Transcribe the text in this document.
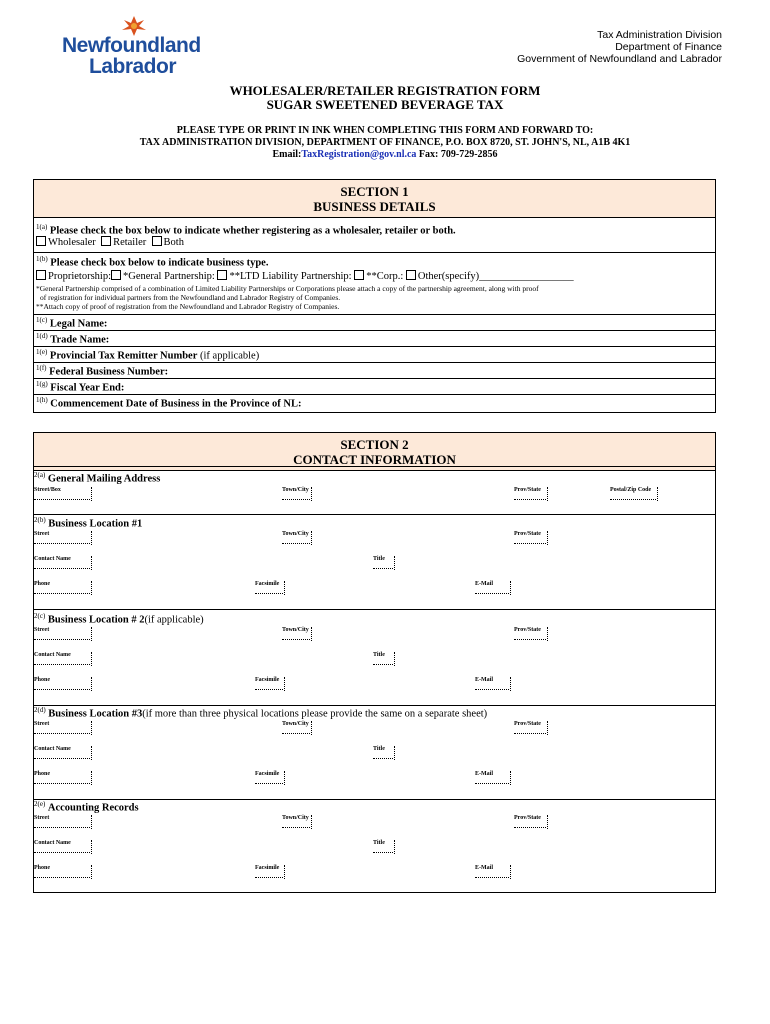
Newfoundland
Labrador
Tax Administration Division
Department of Finance
Government of Newfoundland and Labrador
WHOLESALER/RETAILER REGISTRATION FORM
SUGAR SWEETENED BEVERAGE TAX
PLEASE TYPE OR PRINT IN INK WHEN COMPLETING THIS FORM AND FORWARD TO:
TAX ADMINISTRATION DIVISION, DEPARTMENT OF FINANCE, P.O. BOX 8720, ST. JOHN'S, NL, A1B 4K1
Email:TaxRegistration@gov.nl.ca Fax: 709-729-2856
SECTION 1
BUSINESS DETAILS
$^{1(a)}$ Please check the box below to indicate whether registering as a wholesaler, retailer or both.
Wholesaler Retailer Both
$^{1(b)}$ Please check box below to indicate business type.
Proprietorship: *General Partnership: **LTD Liability Partnership: **Corp.: Other(specify)__________________
*General Partnership comprised of a combination of Limited Liability Partnerships or Corporations please attach a copy of the partnership agreement, along with proof
of registration for individual partners from the Newfoundland and Labrador Registry of Companies.
**Attach copy of proof of registration from the Newfoundland and Labrador Registry of Companies.
$^{1(c)}$ Legal Name:
$^{1(d)}$ Trade Name:
$^{1(e)}$ Provincial Tax Remitter Number (if applicable)
$^{1(f)}$ Federal Business Number:
$^{1(g)}$ Fiscal Year End:
$^{1(h)}$ Commencement Date of Business in the Province of NL:
SECTION 2
CONTACT INFORMATION
$^{2(a)}$ General Mailing Address
Street/Box	Town/City	Prov/State	Postal/Zip Code
$^{2(b)}$ Business Location #1
Street	Town/City	Prov/State
Contact Name	Title
Phone	Facsimile	E-Mail
$^{2(c)}$ Business Location # 2(if applicable)
Street	Town/City	Prov/State
Contact Name	Title
Phone	Facsimile	E-Mail
$^{2(d)}$ Business Location #3(if more than three physical locations please provide the same on a separate sheet)
Street	Town/City	Prov/State
Contact Name	Title
Phone	Facsimile	E-Mail
$^{2(e)}$ Accounting Records
Street	Town/City	Prov/State
Contact Name	Title
Phone	Facsimile	E-Mail
